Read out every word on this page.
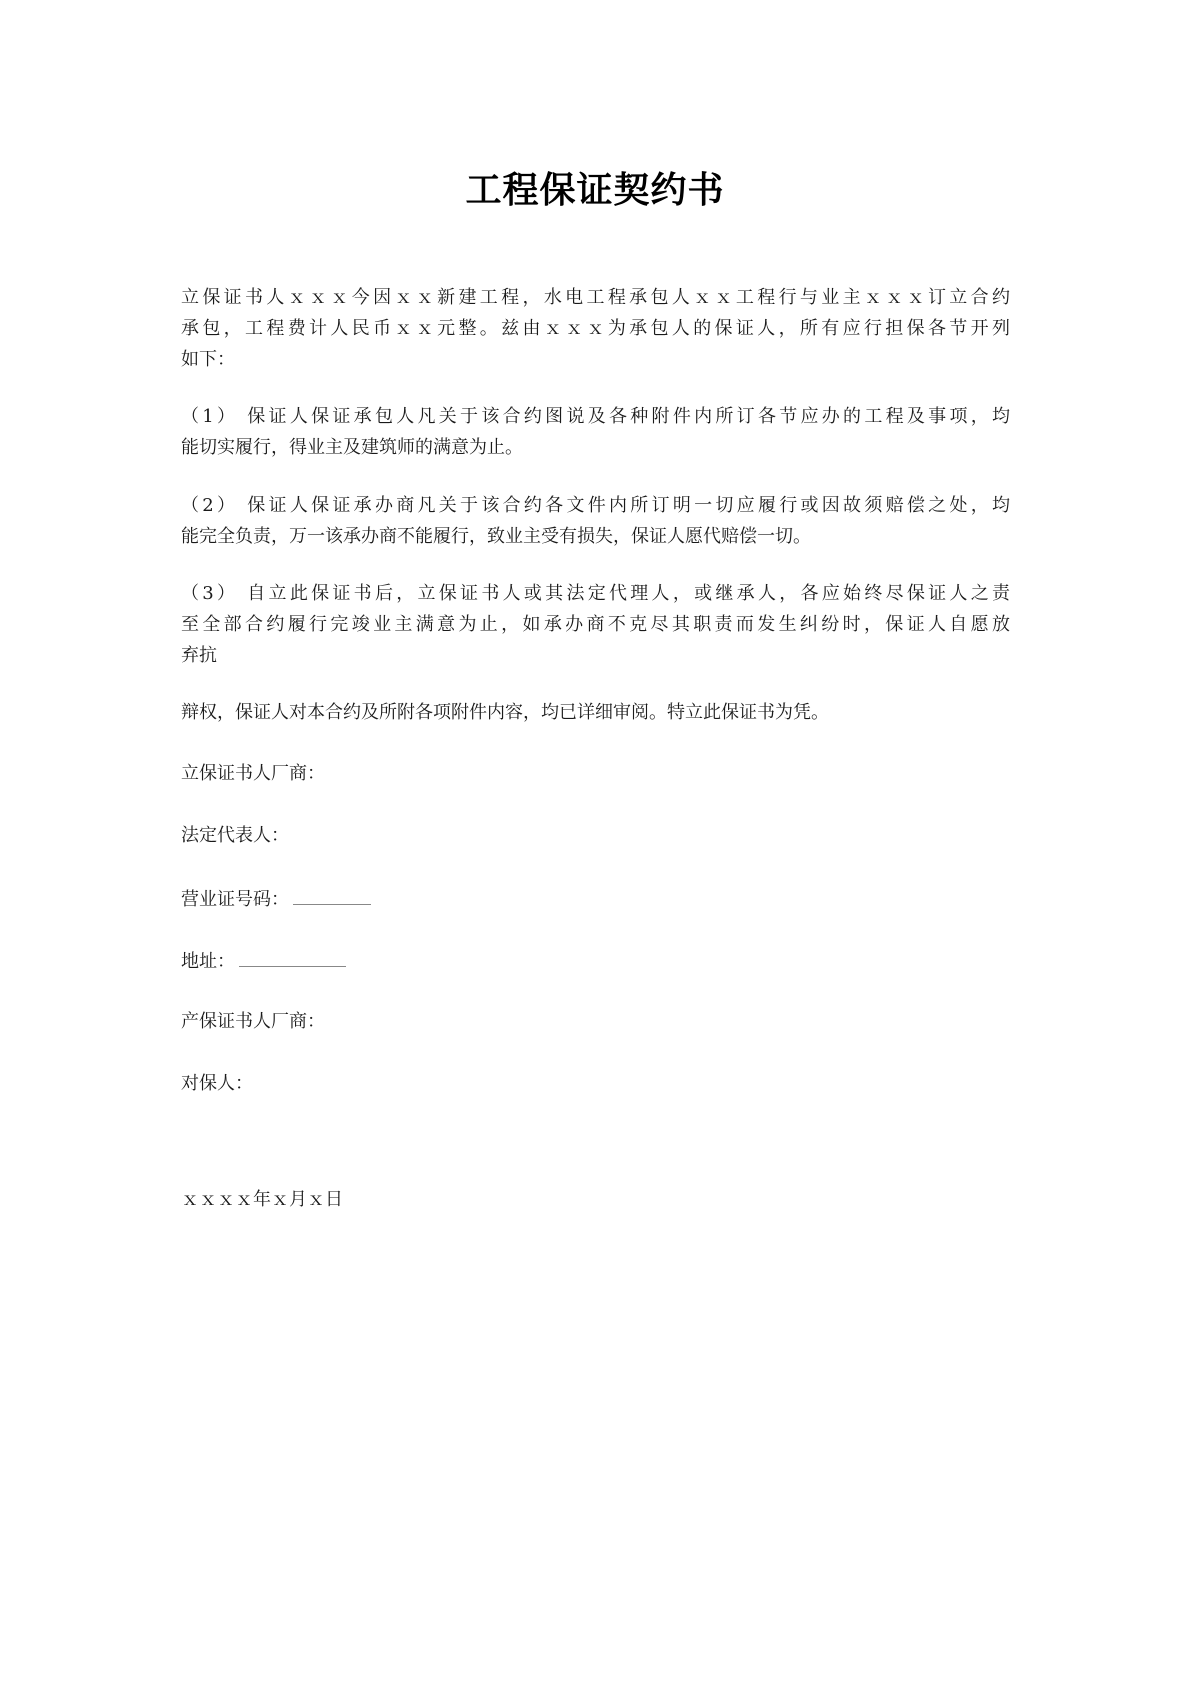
工程保证契约书
立保证书人ｘｘｘ今因ｘｘ新建工程，水电工程承包人ｘｘ工程行与业主ｘｘｘ订立合约
承包，工程费计人民币ｘｘ元整。兹由ｘｘｘ为承包人的保证人，所有应行担保各节开列
如下：
（1） 保证人保证承包人凡关于该合约图说及各种附件内所订各节应办的工程及事项，均
能切实履行，得业主及建筑师的满意为止。
（2） 保证人保证承办商凡关于该合约各文件内所订明一切应履行或因故须赔偿之处，均
能完全负责，万一该承办商不能履行，致业主受有损失，保证人愿代赔偿一切。
（3） 自立此保证书后，立保证书人或其法定代理人，或继承人，各应始终尽保证人之责
至全部合约履行完竣业主满意为止，如承办商不克尽其职责而发生纠纷时，保证人自愿放
弃抗
辩权，保证人对本合约及所附各项附件内容，均已详细审阅。特立此保证书为凭。
立保证书人厂商：
法定代表人：
营业证号码：
地址：
产保证书人厂商：
对保人：
ｘｘｘｘ年ｘ月ｘ日
